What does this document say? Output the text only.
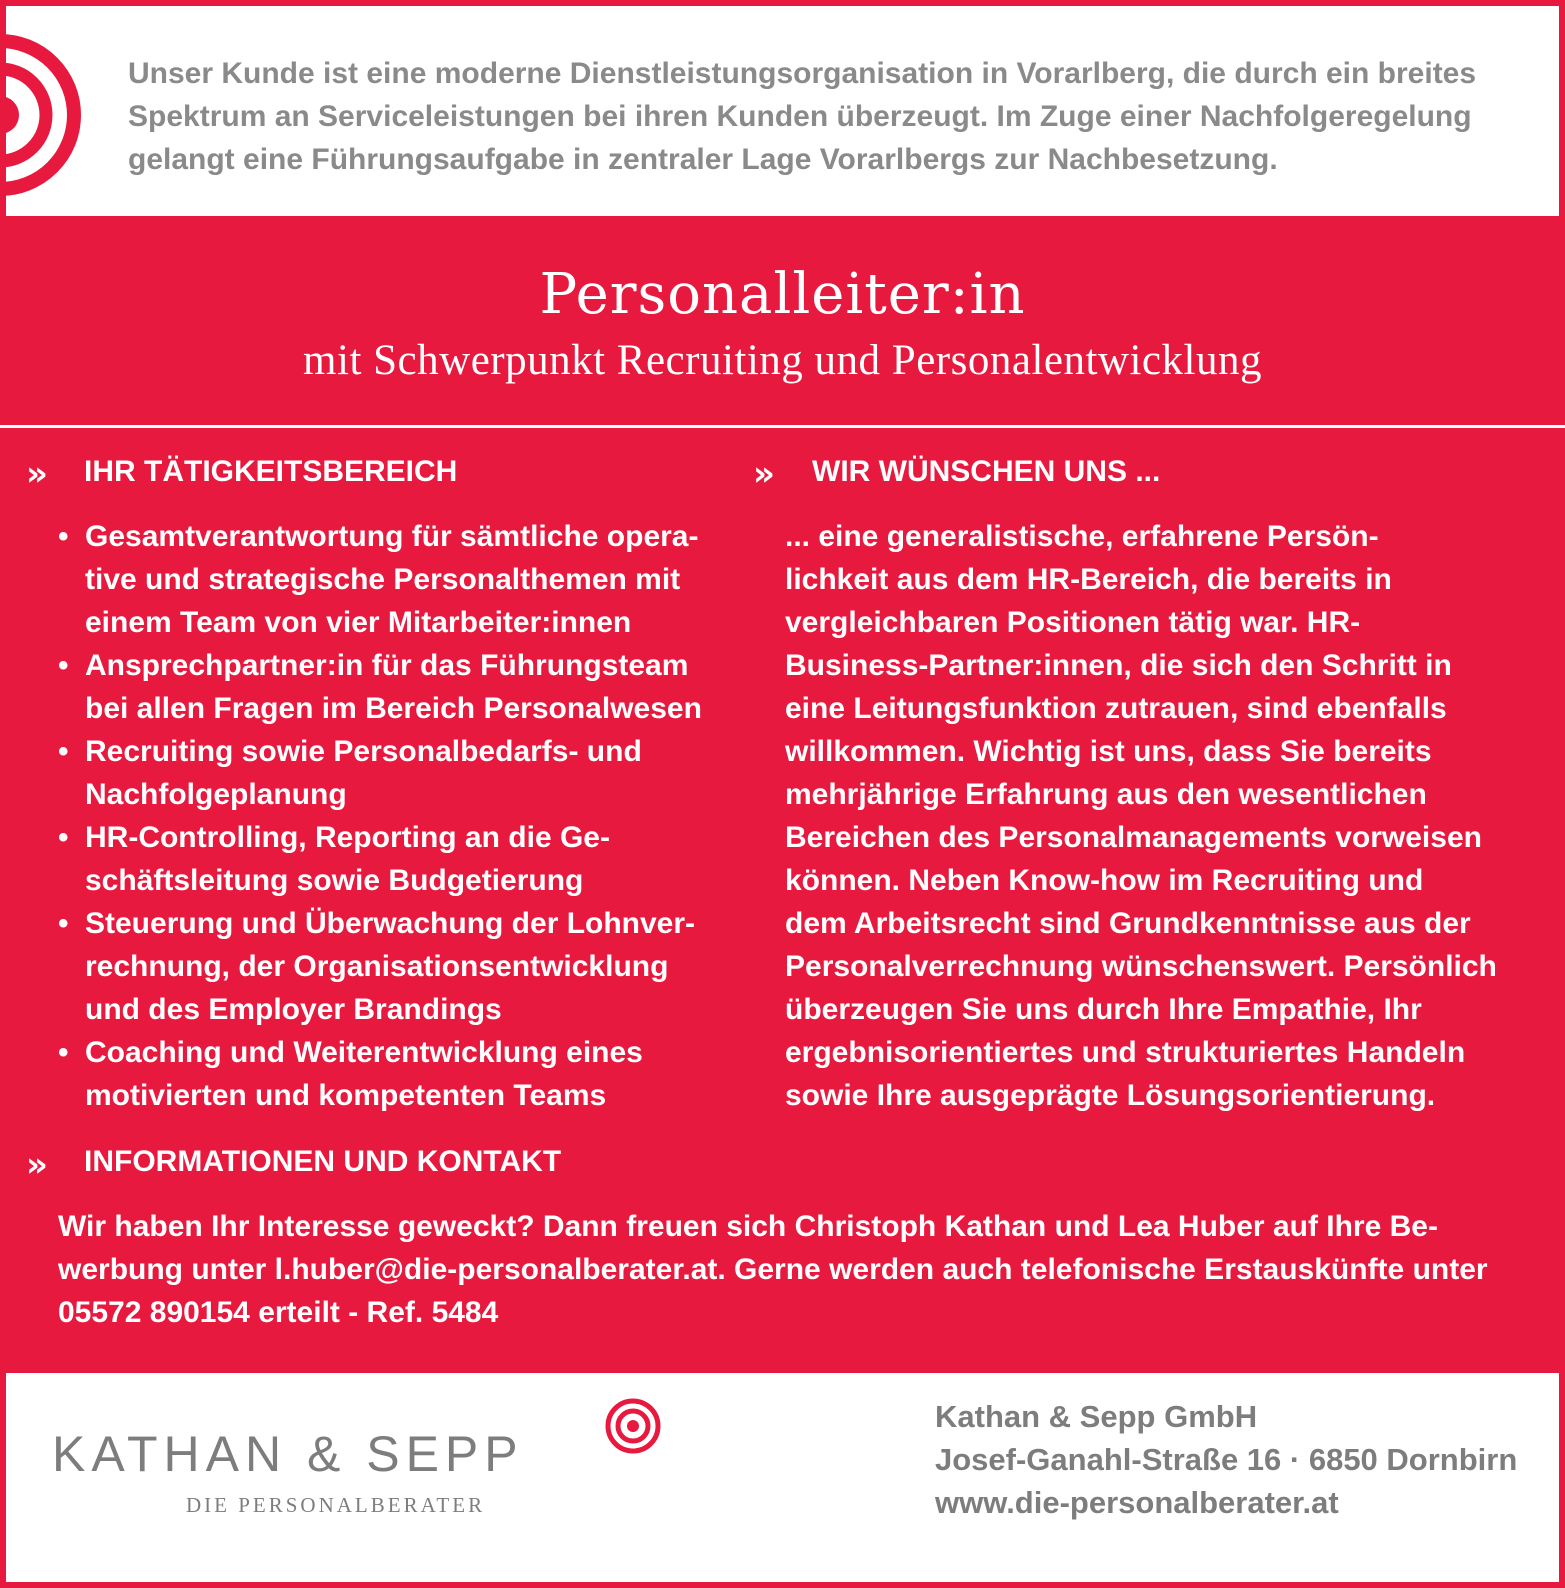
Unser Kunde ist eine moderne Dienstleistungsorganisation in Vorarlberg, die durch ein breites
Spektrum an Serviceleistungen bei ihren Kunden überzeugt. Im Zuge einer Nachfolgeregelung
gelangt eine Führungsaufgabe in zentraler Lage Vorarlbergs zur Nachbesetzung.
Personalleiter:in
mit Schwerpunkt Recruiting und Personalentwicklung
» IHR TÄTIGKEITSBEREICH	» WIR WÜNSCHEN UNS ...
• Gesamtverantwortung für sämtliche opera-
tive und strategische Personalthemen mit
einem Team von vier Mitarbeiter:innen
• Ansprechpartner:in für das Führungsteam
bei allen Fragen im Bereich Personalwesen
• Recruiting sowie Personalbedarfs- und
Nachfolgeplanung
• HR-Controlling, Reporting an die Ge-
schäftsleitung sowie Budgetierung
• Steuerung und Überwachung der Lohnver-
rechnung, der Organisationsentwicklung
und des Employer Brandings
• Coaching und Weiterentwicklung eines
motivierten und kompetenten Teams
... eine generalistische, erfahrene Persön-
lichkeit aus dem HR-Bereich, die bereits in
vergleichbaren Positionen tätig war. HR-
Business-Partner:innen, die sich den Schritt in
eine Leitungsfunktion zutrauen, sind ebenfalls
willkommen. Wichtig ist uns, dass Sie bereits
mehrjährige Erfahrung aus den wesentlichen
Bereichen des Personalmanagements vorweisen
können. Neben Know-how im Recruiting und
dem Arbeitsrecht sind Grundkenntnisse aus der
Personalverrechnung wünschenswert. Persönlich
überzeugen Sie uns durch Ihre Empathie, Ihr
ergebnisorientiertes und strukturiertes Handeln
sowie Ihre ausgeprägte Lösungsorientierung.
» INFORMATIONEN UND KONTAKT
Wir haben Ihr Interesse geweckt? Dann freuen sich Christoph Kathan und Lea Huber auf Ihre Be-
werbung unter l.huber@die-personalberater.at. Gerne werden auch telefonische Erstauskünfte unter
05572 890154 erteilt - Ref. 5484
KATHAN & SEPP
DIE PERSONALBERATER
Kathan & Sepp GmbH
Josef-Ganahl-Straße 16 · 6850 Dornbirn
www.die-personalberater.at
